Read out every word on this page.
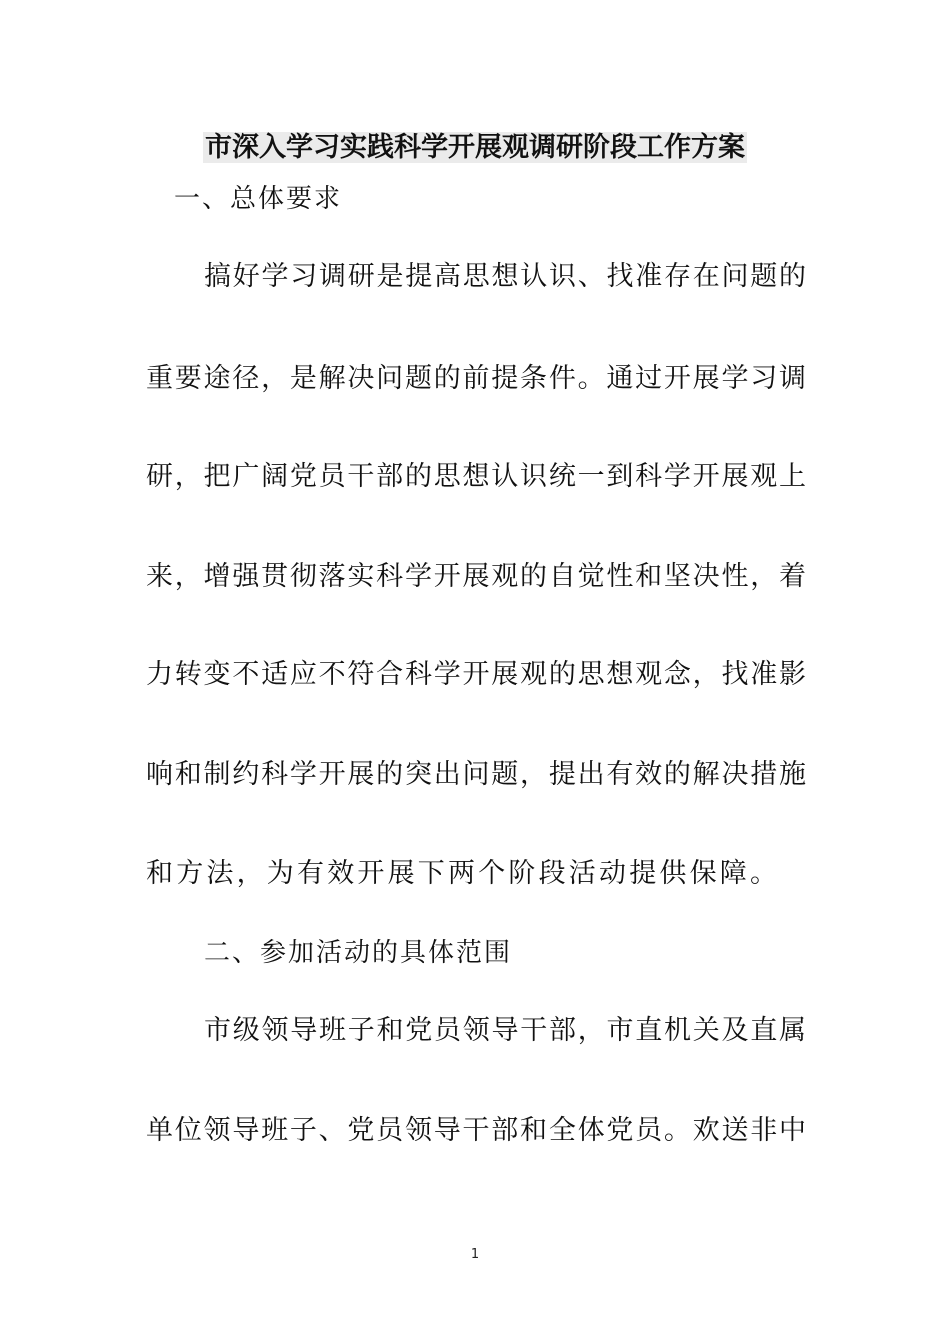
市深入学习实践科学开展观调研阶段工作方案
一、总体要求
搞好学习调研是提高思想认识、找准存在问题的
重要途径，是解决问题的前提条件。通过开展学习调
研，把广阔党员干部的思想认识统一到科学开展观上
来，增强贯彻落实科学开展观的自觉性和坚决性，着
力转变不适应不符合科学开展观的思想观念，找准影
响和制约科学开展的突出问题，提出有效的解决措施
和方法，为有效开展下两个阶段活动提供保障。
二、参加活动的具体范围
市级领导班子和党员领导干部，市直机关及直属
单位领导班子、党员领导干部和全体党员。欢送非中
1
